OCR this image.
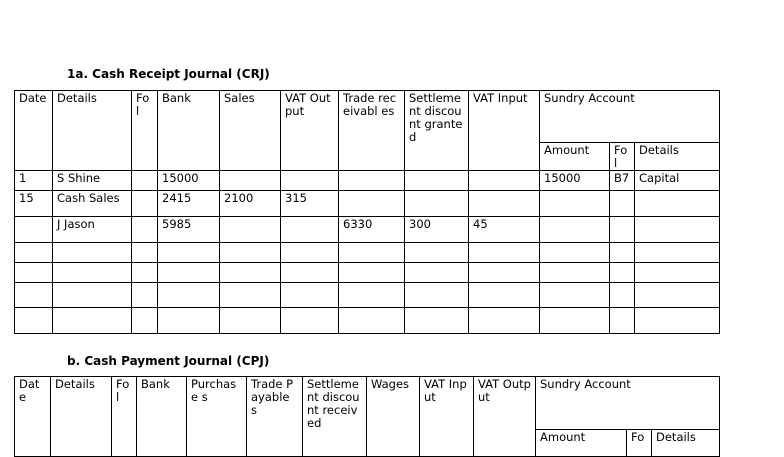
1a. Cash Receipt Journal (CRJ)
Date	Details	Fo l	Bank	Sales	VAT Output	Trade receivabl es	Settleme nt discount granted	VAT Input	Sundry Account		
									Amount	Fo l	Details
1	S Shine		15000						15000	B7	Capital
15	Cash Sales		2415	2100	315						
	J Jason		5985			6330	300	45			

b. Cash Payment Journal (CPJ)
Dat e	Details	Fo l	Bank	Purchase s	Trade Payable s	Settleme nt discount received	Wages	VAT Input	VAT Output	Sundry Account		
										Amount	Fo	Details
